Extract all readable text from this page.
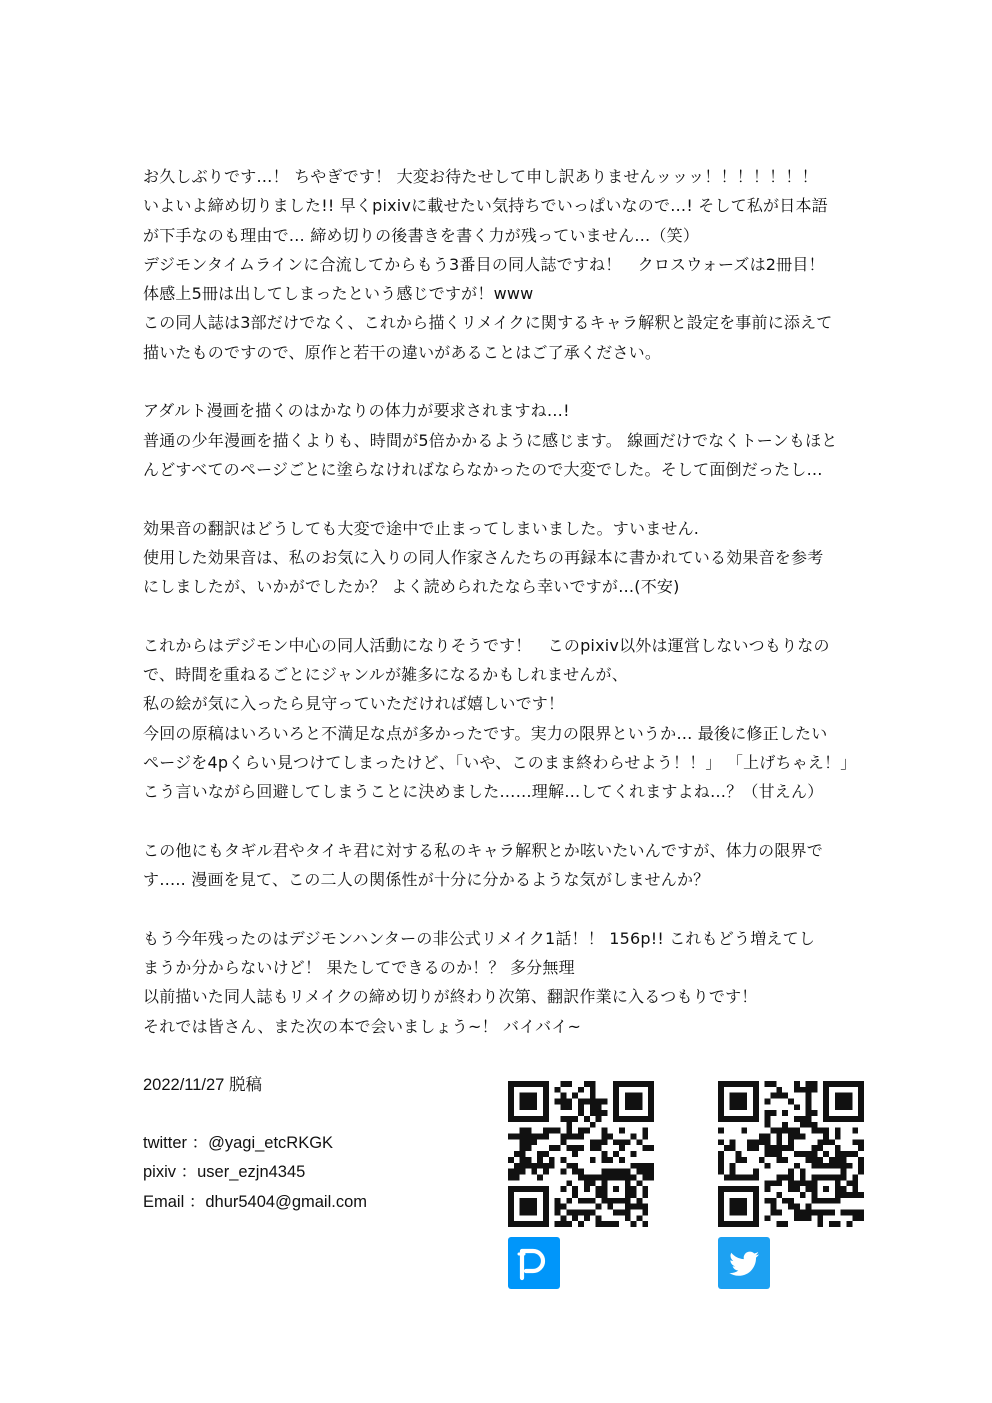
お久しぶりです…！ ちやぎです！ 大変お待たせして申し訳ありませんッッッ！！！！！！！
いよいよ締め切りました!! 早くpixivに載せたい気持ちでいっぱいなので…! そして私が日本語
が下手なのも理由で… 締め切りの後書きを書く力が残っていません…（笑）
デジモンタイムラインに合流してからもう3番目の同人誌ですね！　クロスウォーズは2冊目！
体感上5冊は出してしまったという感じですが！www
この同人誌は3部だけでなく、これから描くリメイクに関するキャラ解釈と設定を事前に添えて
描いたものですので、原作と若干の違いがあることはご了承ください。
アダルト漫画を描くのはかなりの体力が要求されますね…!
普通の少年漫画を描くよりも、時間が5倍かかるように感じます。 線画だけでなくトーンもほと
んどすべてのページごとに塗らなければならなかったので大変でした。そして面倒だったし…
効果音の翻訳はどうしても大変で途中で止まってしまいました。すいません.
使用した効果音は、私のお気に入りの同人作家さんたちの再録本に書かれている効果音を参考
にしましたが、いかがでしたか？ よく読められたなら幸いですが…(不安)
これからはデジモン中心の同人活動になりそうです！　このpixiv以外は運営しないつもりなの
で、時間を重ねるごとにジャンルが雑多になるかもしれませんが、
私の絵が気に入ったら見守っていただければ嬉しいです！
今回の原稿はいろいろと不満足な点が多かったです。実力の限界というか… 最後に修正したい
ページを4pくらい見つけてしまったけど、「いや、このまま終わらせよう！！」 「上げちゃえ！」
こう言いながら回避してしまうことに決めました……理解…してくれますよね…？（甘えん）
この他にもタギル君やタイキ君に対する私のキャラ解釈とか呟いたいんですが、体力の限界で
す….. 漫画を見て、この二人の関係性が十分に分かるような気がしませんか？
もう今年残ったのはデジモンハンターの非公式リメイク1話！！ 156p!! これもどう増えてし
まうか分からないけど！ 果たしてできるのか！？ 多分無理
以前描いた同人誌もリメイクの締め切りが終わり次第、翻訳作業に入るつもりです！
それでは皆さん、また次の本で会いましょう~！ バイバイ~
2022/11/27 脱稿
twitter ：@yagi_etcRKGK
pixiv ：user_ezjn4345
Email ：dhur5404@gmail.com
